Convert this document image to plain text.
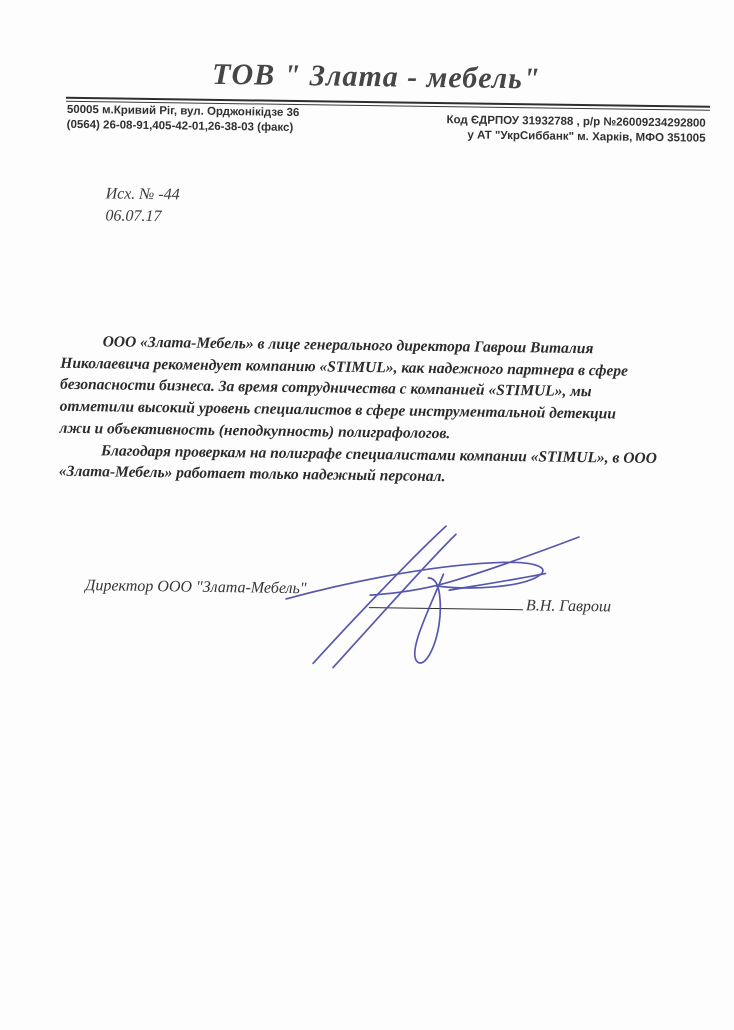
ТОВ " Злата - мебель"
50005 м.Кривий Ріг, вул. Орджонікідзе 36
(0564) 26-08-91,405-42-01,26-38-03 (факс)	Код ЄДРПОУ 31932788 , р/р №26009234292800
у АТ "УкрСиббанк" м. Харків, МФО 351005
Исх. № -44
06.07.17
ООО «Злата-Мебель» в лице генерального директора Гаврош Виталия
Николаевича рекомендует компанию «STIMUL», как надежного партнера в сфере
безопасности бизнеса. За время сотрудничества с компанией «STIMUL», мы
отметили высокий уровень специалистов в сфере инструментальной детекции
лжи и объективность (неподкупность) полиграфологов.
Благодаря проверкам на полиграфе специалистами компании «STIMUL», в ООО
«Злата-Мебель» работает только надежный персонал.
Директор ООО "Злата-Мебель"
В.Н. Гаврош
